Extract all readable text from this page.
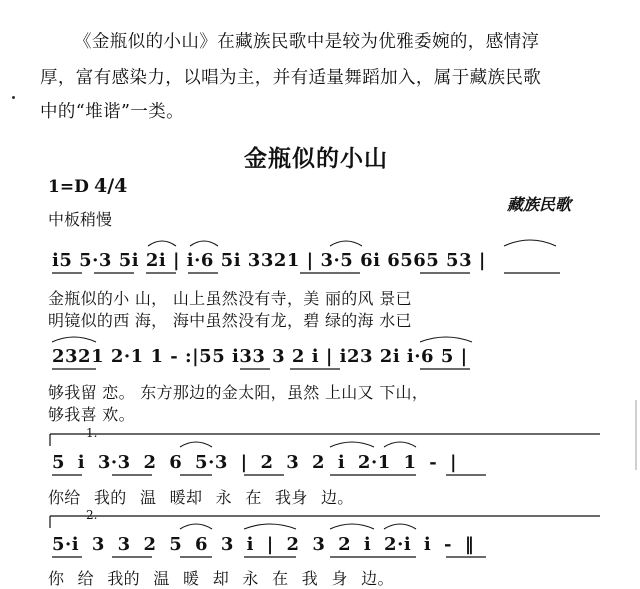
《金瓶似的小山》在藏族民歌中是较为优雅委婉的，感情淳
厚，富有感染力，以唱为主，并有适量舞蹈加入，属于藏族民歌
中的“堆谐”一类。
金瓶似的小山
1=D 4/4
中板稍慢
藏族民歌
i5 5·3 5i 2i | i·6 5i 3321 | 3·5 6i 6565 53 |
金瓶似的小 山， 山上虽然没有寺，美 丽的风 景已
明镜似的西 海， 海中虽然没有龙，碧 绿的海 水已
2321 2·1 1 - :|55 i33 3 2 i | i23 2i i·6 5 |
够我留 恋。 东方那边的金太阳，虽然 上山又 下山，
够我喜 欢。
1.
5 i 3·3 2 6 5·3 | 2 3 2 i 2·1 1 - |
你给 我的 温 暖却 永 在 我身 边。
2.
5·i 3 3 2 5 6 3 i | 2 3 2 i 2·i i - ‖
你 给 我的 温 暖 却 永 在 我 身 边。
